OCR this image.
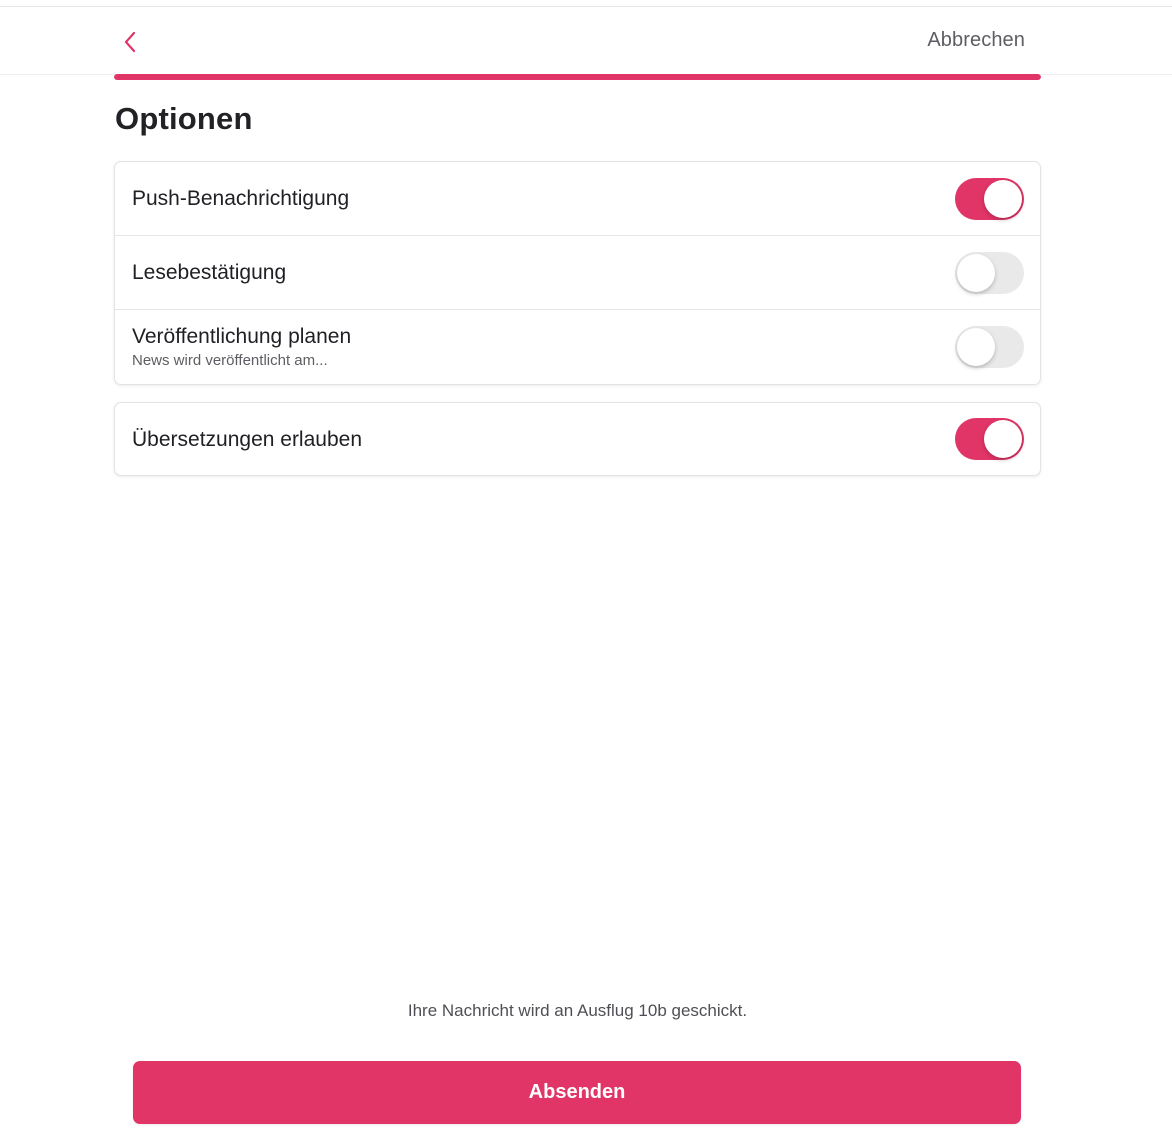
Abbrechen
Optionen
Push-Benachrichtigung
Lesebestätigung
Veröffentlichung planen
News wird veröffentlicht am...
Übersetzungen erlauben
Ihre Nachricht wird an Ausflug 10b geschickt.
Absenden
